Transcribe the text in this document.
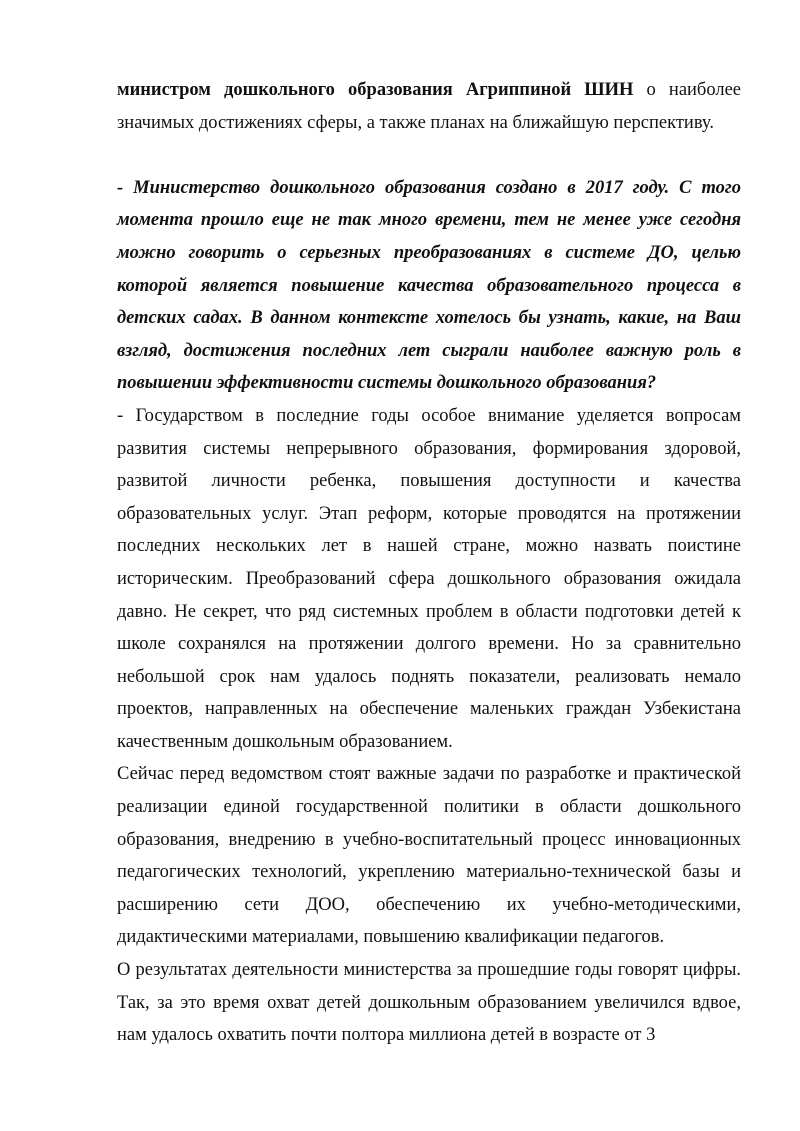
министром дошкольного образования Агриппиной ШИН о наиболее значимых достижениях сферы, а также планах на ближайшую перспективу.

- Министерство дошкольного образования создано в 2017 году. С того момента прошло еще не так много времени, тем не менее уже сегодня можно говорить о серьезных преобразованиях в системе ДО, целью которой является повышение качества образовательного процесса в детских садах. В данном контексте хотелось бы узнать, какие, на Ваш взгляд, достижения последних лет сыграли наиболее важную роль в повышении эффективности системы дошкольного образования?

- Государством в последние годы особое внимание уделяется вопросам развития системы непрерывного образования, формирования здоровой, развитой личности ребенка, повышения доступности и качества образовательных услуг. Этап реформ, которые проводятся на протяжении последних нескольких лет в нашей стране, можно назвать поистине историческим. Преобразований сфера дошкольного образования ожидала давно. Не секрет, что ряд системных проблем в области подготовки детей к школе сохранялся на протяжении долгого времени. Но за сравнительно небольшой срок нам удалось поднять показатели, реализовать немало проектов, направленных на обеспечение маленьких граждан Узбекистана качественным дошкольным образованием.

Сейчас перед ведомством стоят важные задачи по разработке и практической реализации единой государственной политики в области дошкольного образования, внедрению в учебно-воспитательный процесс инновационных педагогических технологий, укреплению материально-технической базы и расширению сети ДОО, обеспечению их учебно-методическими, дидактическими материалами, повышению квалификации педагогов.

О результатах деятельности министерства за прошедшие годы говорят цифры. Так, за это время охват детей дошкольным образованием увеличился вдвое, нам удалось охватить почти полтора миллиона детей в возрасте от 3
